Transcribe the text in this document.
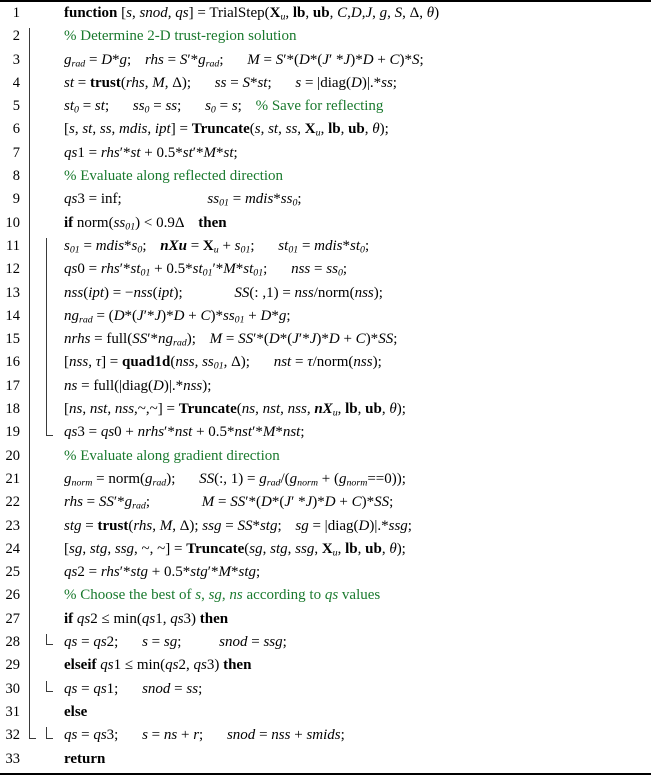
1	function [s, snod, $qs] = TrialStep(X_u$, lb, ub, C,D,J, g, S, Δ, θ)
2	% Determine 2-D trust-region solution
3	$g_{rad} = D*g$; rhs = $S'*g_{rad}$; M = S′*(D*(J′ *J)*D + C)*S;
4	st = trust(rhs, M, Δ); ss = S*st; s = |diag(D)|.*ss;
5	$st_0$ = st; $ss_0$ = ss; $s_0 = s$; % Save for reflecting
6	[s, st, ss, mdis, ipt] = Truncate(s, st, ss, $X_u$, lb, ub, θ);
7	qs1 = rhs′*st + 0.5*st′*M*st;
8	% Evaluate along reflected direction
9	qs3 = inf;	$ss_{01}$ = $mdis*ss_0$;
10	if $norm(ss_{01}) < 0.9\Delta$ then
11	$s_{01}$ = $mdis*s_0$; nXu = $X_u + s_{01}$; $st_{01}$ = $mdis*st_0$;
12	$qs0 = rhs'*st_{01} + 0.5*st_{01}'*M*st_{01}$; nss = $ss_0$;
13	nss(ipt) = −nss(ipt);	SS(: ,1) = nss/norm(nss);
14	$ng_{rad} = (D*(J'*J)*D + C)*ss_{01} + D*g$;
15	nrhs = $full(SS'*ng_{rad})$; M = SS′*(D*(J′*J)*D + C)*SS;
16	[nss, τ] = quad1d(nss, $ss_{01}$, Δ); nst = τ/norm(nss);
17	ns = full(|diag(D)|.*nss);
18	[ns, nst, nss,~,~] = Truncate(ns, nst, nss, $nX_u$, lb, ub, θ);
19	qs3 = qs0 + nrhs′*nst + 0.5*nst′*M*nst;
20	% Evaluate along gradient direction
21	$g_{norm}$ = $norm(g_{rad})$; SS(:, $1) = g_{rad}/(g_{norm} + (g_{norm}==0))$;
22	rhs = $SS'*g_{rad}$;	M = SS′*(D*(J′ *J)*D + C)*SS;
23	stg = trust(rhs, M, Δ); ssg = SS*stg; sg = |diag(D)|.*ssg;
24	[sg, stg, ssg, ~, ~] = Truncate(sg, stg, ssg, $X_u$, lb, ub, θ);
25	qs2 = rhs′*stg + 0.5*stg′*M*stg;
26	% Choose the best of s, sg, ns according to qs values
27	if qs2 ≤ min(qs1, qs3) then
28	qs = qs2; s = sg;	snod = ssg;
29	elseif qs1 ≤ min(qs2, qs3) then
30	qs = qs1; snod = ss;
31	else
32	qs = qs3; s = ns + r; snod = nss + smids;
33	return
